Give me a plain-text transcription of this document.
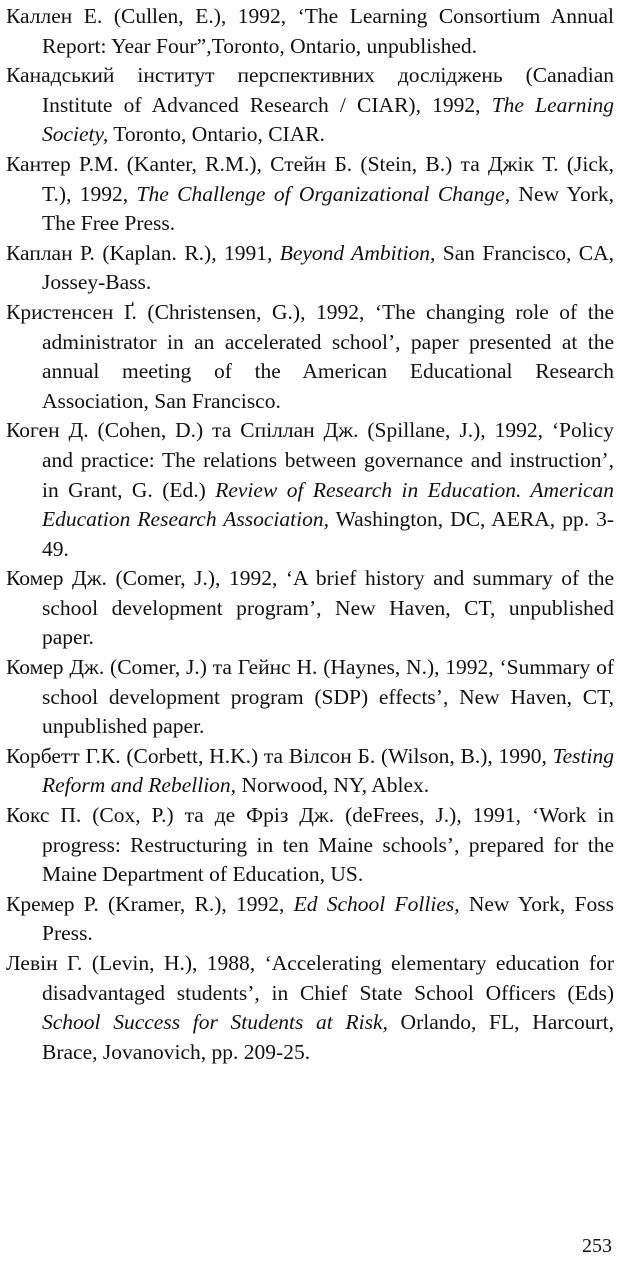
Каллен Е. (Cullen, E.), 1992, ‘The Learning Consortium Annual Report: Year Four”,Toronto, Ontario, unpublished.
Канадський інститут перспективних досліджень (Canadian Institute of Advanced Research / CIAR), 1992, The Learning Society, Toronto, Ontario, CIAR.
Кантер P.M. (Kanter, R.M.), Стейн Б. (Stein, B.) та Джік Т. (Jick, T.), 1992, The Challenge of Organizational Change, New York, The Free Press.
Каплан P. (Kaplan. R.), 1991, Beyond Ambition, San Francisco, CA, Jossey-Bass.
Кристенсен Ґ. (Christensen, G.), 1992, ‘The changing role of the administrator in an accelerated school’, paper presented at the annual meeting of the American Educational Research Association, San Francisco.
Коген Д. (Cohen, D.) та Спіллан Дж. (Spillane, J.), 1992, ‘Policy and practice: The relations between governance and instruction’, in Grant, G. (Ed.) Review of Research in Education. American Education Research Association, Washington, DC, AERA, pp. 3-49.
Комер Дж. (Comer, J.), 1992, ‘A brief history and summary of the school development program’, New Haven, CT, unpublished paper.
Комер Дж. (Comer, J.) та Гейнс Н. (Haynes, N.), 1992, ‘Summary of school development program (SDP) effects’, New Haven, CT, unpublished paper.
Корбетт Г.К. (Corbett, H.K.) та Вілсон Б. (Wilson, B.), 1990, Testing Reform and Rebellion, Norwood, NY, Ablex.
Кокс П. (Cox, P.) та де Фріз Дж. (deFrees, J.), 1991, ‘Work in progress: Restructuring in ten Maine schools’, prepared for the Maine Department of Education, US.
Кремер P. (Kramer, R.), 1992, Ed School Follies, New York, Foss Press.
Левін Г. (Levin, H.), 1988, ‘Accelerating elementary education for disadvantaged students’, in Chief State School Officers (Eds) School Success for Students at Risk, Orlando, FL, Harcourt, Brace, Jovanovich, pp. 209-25.
253
